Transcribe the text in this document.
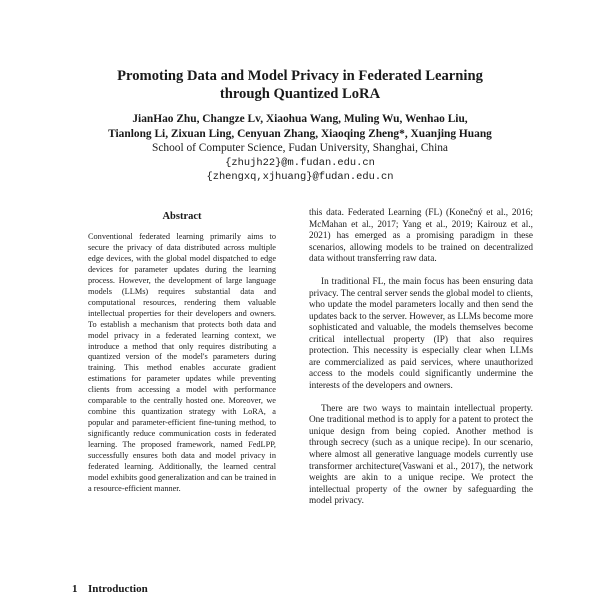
Promoting Data and Model Privacy in Federated Learning
through Quantized LoRA
JianHao Zhu, Changze Lv, Xiaohua Wang, Muling Wu, Wenhao Liu,
Tianlong Li, Zixuan Ling, Cenyuan Zhang, Xiaoqing Zheng*, Xuanjing Huang
School of Computer Science, Fudan University, Shanghai, China
{zhujh22}@m.fudan.edu.cn
{zhengxq,xjhuang}@fudan.edu.cn
Abstract
Conventional federated learning primarily aims to secure the privacy of data distributed across multiple edge devices, with the global model dispatched to edge devices for parameter updates during the learning process. However, the development of large language models (LLMs) requires substantial data and computational resources, rendering them valuable intellectual properties for their developers and owners. To establish a mechanism that protects both data and model privacy in a federated learning context, we introduce a method that only requires distributing a quantized version of the model's parameters during training. This method enables accurate gradient estimations for parameter updates while preventing clients from accessing a model with performance comparable to the centrally hosted one. Moreover, we combine this quantization strategy with LoRA, a popular and parameter-efficient fine-tuning method, to significantly reduce communication costs in federated learning. The proposed framework, named FedLPP, successfully ensures both data and model privacy in federated learning. Additionally, the learned central model exhibits good generalization and can be trained in a resource-efficient manner.
1 Introduction

this data. Federated Learning (FL) (Konečný et al., 2016; McMahan et al., 2017; Yang et al., 2019; Kairouz et al., 2021) has emerged as a promising paradigm in these scenarios, allowing models to be trained on decentralized data without transferring raw data.

In traditional FL, the main focus has been ensuring data privacy. The central server sends the global model to clients, who update the model parameters locally and then send the updates back to the server. However, as LLMs become more sophisticated and valuable, the models themselves become critical intellectual property (IP) that also requires protection. This necessity is especially clear when LLMs are commercialized as paid services, where unauthorized access to the models could significantly undermine the interests of the developers and owners.

There are two ways to maintain intellectual property. One traditional method is to apply for a patent to protect the unique design from being copied. Another method is through secrecy (such as a unique recipe). In our scenario, where almost all generative language models currently use transformer architecture(Vaswani et al., 2017), the network weights are akin to a unique recipe. We protect the intellectual property of the owner by safeguarding the model privacy.
